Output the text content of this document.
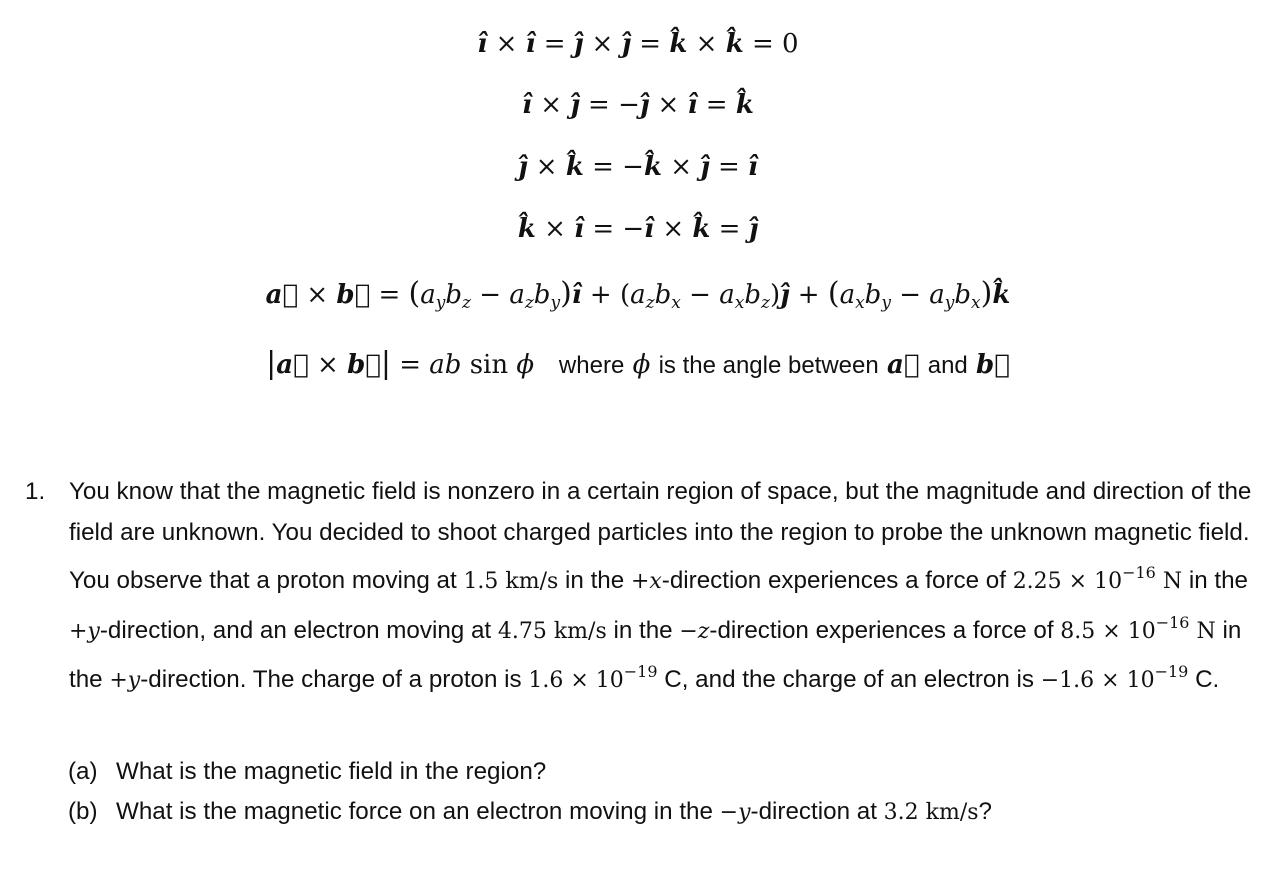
î × î = ĵ × ĵ = k̂ × k̂ = 0
î × ĵ = −ĵ × î = k̂
ĵ × k̂ = −k̂ × ĵ = î
k̂ × î = −î × k̂ = ĵ
a⃗ × b⃗ = ($a_yb_z$ − $a_zb_y)î + (a_zb_x$ − $a_xb_z)ĵ + (a_xb_y$ − $a_yb_x)k̂$
|a⃗ × b⃗| = ab sin ϕ where ϕ is the angle between a⃗ and b⃗
1. You know that the magnetic field is nonzero in a certain region of space, but the magnitude and direction of the field are unknown. You decided to shoot charged particles into the region to probe the unknown magnetic field. You observe that a proton moving at 1.5 km/s in the +x-direction experiences a force of $2.25 \times 10^{-16}$ N in the +y-direction, and an electron moving at 4.75 km/s in the −z-direction experiences a force of $8.5 \times 10^{-16}$ N in the +y-direction. The charge of a proton is $1.6 \times 10^{-19}$ C, and the charge of an electron is $-1.6 \times 10^{-19}$ C.
(a) What is the magnetic field in the region?
(b) What is the magnetic force on an electron moving in the −y-direction at 3.2 km/s?
